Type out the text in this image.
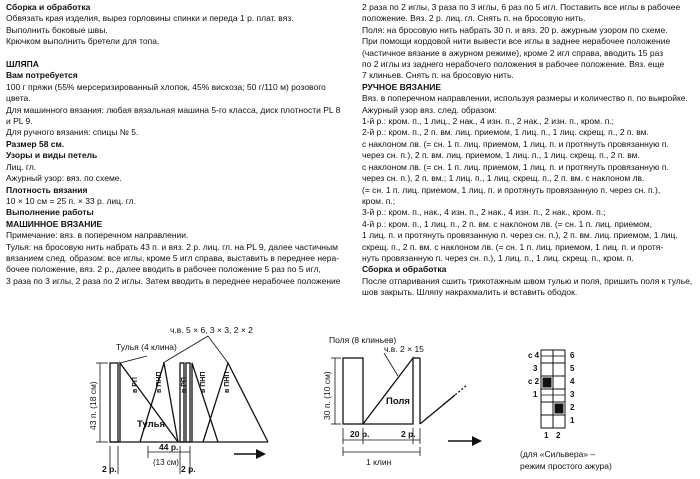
Сборка и обработка

Обвязать края изделия, вырез горловины спинки и переда 1 р. плат. вяз.

Выполнить боковые швы.

Крючком выполнить бретели для топа.

ШЛЯПА

Вам потребуется

100 г пряжи (55% мерсеризированный хлопок, 45% вискоза; 50 г/110 м) розового

цвета.

Для машинного вязания: любая вязальная машина 5-го класса, диск плотности PL 8

и PL 9.

Для ручного вязания: спицы № 5.

Размер 58 см.

Узоры и виды петель

Лиц. гл.

Ажурный узор: вяз. по схеме.

Плотность вязания

10 × 10 см = 25 п. × 33 р. лиц. гл.

Выполнение работы

МАШИННОЕ ВЯЗАНИЕ

Примечание: вяз. в поперечном направлении.

Тулья: на бросовую нить набрать 43 п. и вяз. 2 р. лиц. гл. на PL 9, далее частичным

вязанием след. образом: все иглы, кроме 5 игл справа, выставить в переднее нера-

бочее положение, вяз. 2 р., далее вводить в рабочее положение 5 раз по 5 игл,

3 раза по 3 иглы, 2 раза по 2 иглы. Затем вводить в переднее нерабочее положение

2 раза по 2 иглы, 3 раза по 3 иглы, 6 раз по 5 игл. Поставить все иглы в рабочее

положение. Вяз. 2 р. лиц. гл. Снять п. на бросовую нить.

Поля: на бросовую нить набрать 30 п. и вяз. 20 р. ажурным узором по схеме.

При помощи кордовой нити вывести все иглы в заднее нерабочее положение

(частичное вязание в ажурном режиме), кроме 2 игл справа, вводить 15 раз

по 2 иглы из заднего нерабочего положения в рабочее положение. Вяз. еще

7 клиньев. Снять п. на бросовую нить.

РУЧНОЕ ВЯЗАНИЕ

Вяз. в поперечном направлении, используя размеры и количество п. по выкройке.

Ажурный узор вяз. след. образом:

1-й р.: кром. п., 1 лиц., 2 нак., 4 изн. п., 2 нак., 2 изн. п., кром. п.;

2-й р.: кром. п., 2 п. вм. лиц. приемом, 1 лиц. п., 1 лиц. скрещ. п., 2 п. вм.

с наклоном лв. (= сн. 1 п. лиц. приемом, 1 лиц. п. и протянуть провязанную п.

через сн. п.), 2 п. вм. лиц. приемом, 1 лиц. п., 1 лиц. скрещ. п., 2 п. вм.

с наклоном лв. (= сн. 1 п. лиц. приемом, 1 лиц. п. и протянуть провязанную п.

через сн. п.), 2 п. вм.; 1 лиц. п., 1 лиц. скрещ. п., 2 п. вм. с наклоном лв.

(= сн. 1 п. лиц. приемом, 1 лиц. п. и протянуть провязанную п. через сн. п.),

кром. п.;

3-й р.: кром. п., нак., 4 изн. п., 2 нак., 4 изн. п., 2 нак., кром. п.;

4-й р.: кром. п., 1 лиц. п., 2 п. вм. с наклоном лв. (= сн. 1 п. лиц. приемом,

1 лиц. п. и протянуть провязанную п. через сн. п.), 2 п. вм. лиц. приемом, 1 лиц.

скрещ. п., 2 п. вм. с наклоном лв. (= сн. 1 п. лиц. приемом, 1 лиц. п. и протя-

нуть провязанную п. через сн. п.), 1 лиц. п., 1 лиц. скрещ. п., кром. п.

Сборка и обработка

После отпаривания сшить трикотажным швом тулью и поля, пришить поля к тулье,

шов закрыть. Шляпу накрахмалить и вставить ободок.

Тулья (4 клина)
ч.в. 5 × 6, 3 × 3, 2 × 2
Тулья
в РП в ПНП	в РП в ПНП в ПНП
43 п. (18 см)
44 р.
(13 см)
2 р.	2 р.
Поля (8 клиньев)
ч.в. 2 × 15
Поля
30 п. (10 см)
20 р.	2 р.
1 клин
с 4
3
с 2
1
6
5
4
3
2
1
1 2
(для «Сильвера» –
режим простого ажура)
